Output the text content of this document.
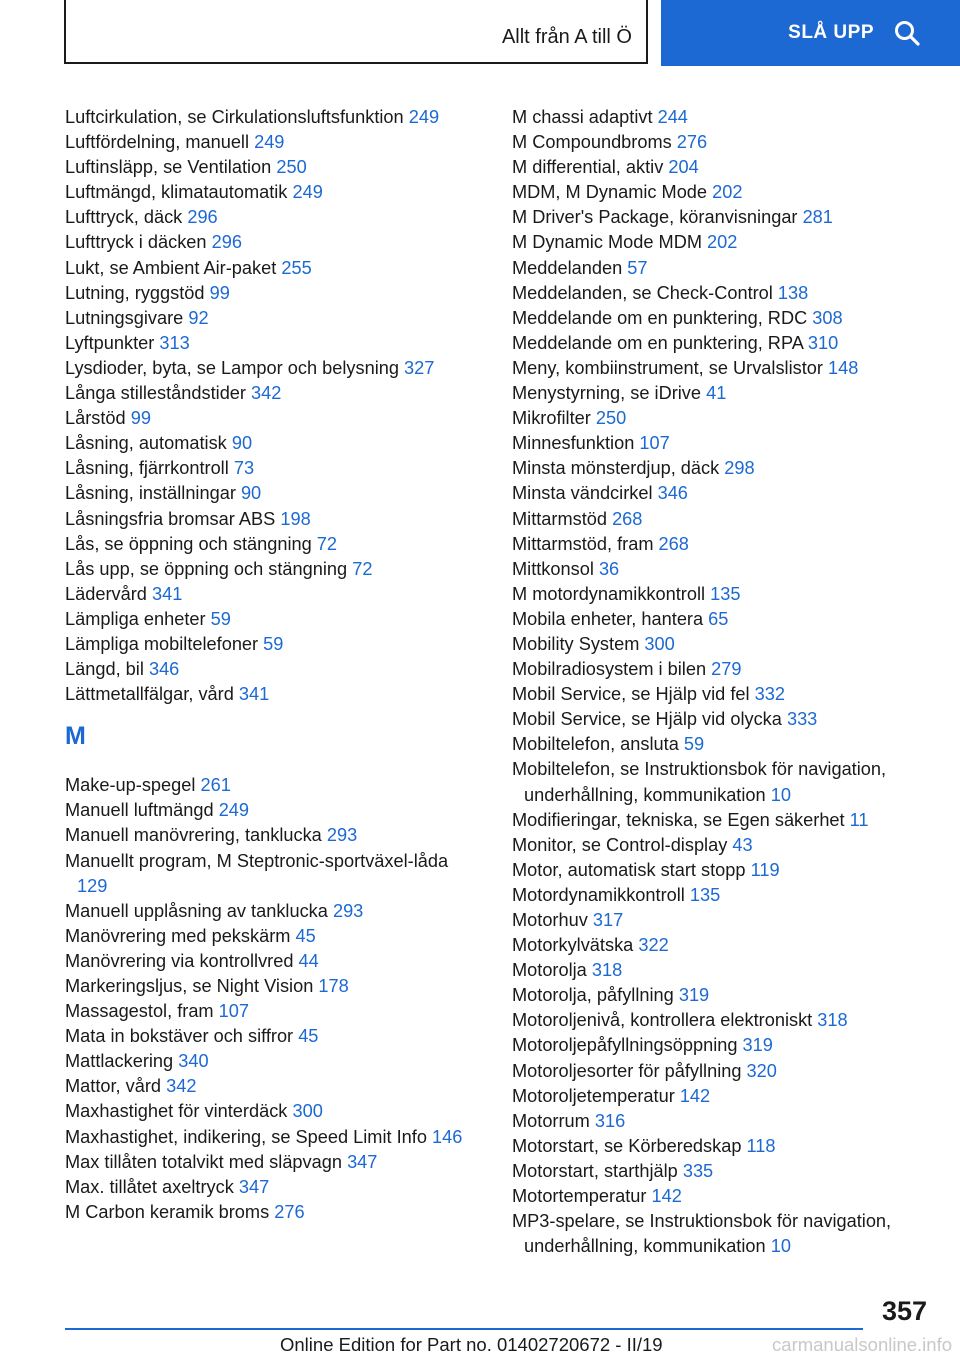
Allt från A till Ö	SLÅ UPP
Luftcirkulation, se Cirkulationsluftsfunktion 249
Luftfördelning, manuell 249
Luftinsläpp, se Ventilation 250
Luftmängd, klimatautomatik 249
Lufttryck, däck 296
Lufttryck i däcken 296
Lukt, se Ambient Air-paket 255
Lutning, ryggstöd 99
Lutningsgivare 92
Lyftpunkter 313
Lysdioder, byta, se Lampor och belysning 327
Långa stilleståndstider 342
Lårstöd 99
Låsning, automatisk 90
Låsning, fjärrkontroll 73
Låsning, inställningar 90
Låsningsfria bromsar ABS 198
Lås, se öppning och stängning 72
Lås upp, se öppning och stängning 72
Lädervård 341
Lämpliga enheter 59
Lämpliga mobiltelefoner 59
Längd, bil 346
Lättmetallfälgar, vård 341
M
Make-up-spegel 261
Manuell luftmängd 249
Manuell manövrering, tanklucka 293
Manuellt program, M Steptronic-sportväxel-låda 129
Manuell upplåsning av tanklucka 293
Manövrering med pekskärm 45
Manövrering via kontrollvred 44
Markeringsljus, se Night Vision 178
Massagestol, fram 107
Mata in bokstäver och siffror 45
Mattlackering 340
Mattor, vård 342
Maxhastighet för vinterdäck 300
Maxhastighet, indikering, se Speed Limit Info 146
Max tillåten totalvikt med släpvagn 347
Max. tillåtet axeltryck 347
M Carbon keramik broms 276
M chassi adaptivt 244
M Compoundbroms 276
M differential, aktiv 204
MDM, M Dynamic Mode 202
M Driver's Package, köranvisningar 281
M Dynamic Mode MDM 202
Meddelanden 57
Meddelanden, se Check-Control 138
Meddelande om en punktering, RDC 308
Meddelande om en punktering, RPA 310
Meny, kombiinstrument, se Urvalslistor 148
Menystyrning, se iDrive 41
Mikrofilter 250
Minnesfunktion 107
Minsta mönsterdjup, däck 298
Minsta vändcirkel 346
Mittarmstöd 268
Mittarmstöd, fram 268
Mittkonsol 36
M motordynamikkontroll 135
Mobila enheter, hantera 65
Mobility System 300
Mobilradiosystem i bilen 279
Mobil Service, se Hjälp vid fel 332
Mobil Service, se Hjälp vid olycka 333
Mobiltelefon, ansluta 59
Mobiltelefon, se Instruktionsbok för navigation, underhållning, kommunikation 10
Modifieringar, tekniska, se Egen säkerhet 11
Monitor, se Control-display 43
Motor, automatisk start stopp 119
Motordynamikkontroll 135
Motorhuv 317
Motorkylvätska 322
Motorolja 318
Motorolja, påfyllning 319
Motoroljenivå, kontrollera elektroniskt 318
Motoroljepåfyllningsöppning 319
Motoroljesorter för påfyllning 320
Motoroljetemperatur 142
Motorrum 316
Motorstart, se Körberedskap 118
Motorstart, starthjälp 335
Motortemperatur 142
MP3-spelare, se Instruktionsbok för navigation, underhållning, kommunikation 10
357
Online Edition for Part no. 01402720672 - II/19	carmanualsonline.info
